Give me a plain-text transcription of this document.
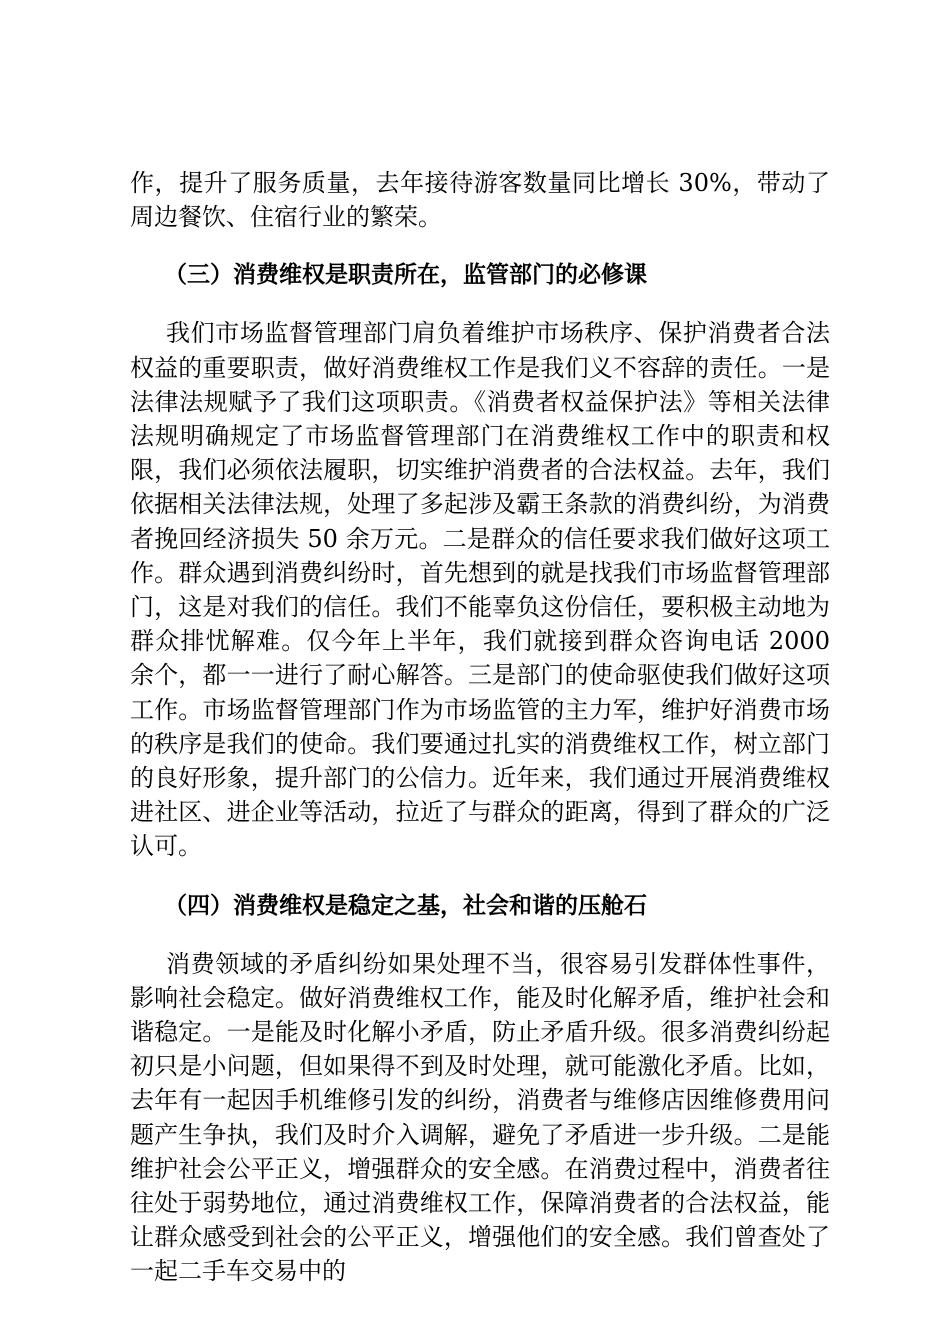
作，提升了服务质量，去年接待游客数量同比增长 30%，带动了周边餐饮、住宿行业的繁荣。

（三）消费维权是职责所在，监管部门的必修课

我们市场监督管理部门肩负着维护市场秩序、保护消费者合法权益的重要职责，做好消费维权工作是我们义不容辞的责任。一是法律法规赋予了我们这项职责。《消费者权益保护法》等相关法律法规明确规定了市场监督管理部门在消费维权工作中的职责和权限，我们必须依法履职，切实维护消费者的合法权益。去年，我们依据相关法律法规，处理了多起涉及霸王条款的消费纠纷，为消费者挽回经济损失 50 余万元。二是群众的信任要求我们做好这项工作。群众遇到消费纠纷时，首先想到的就是找我们市场监督管理部门，这是对我们的信任。我们不能辜负这份信任，要积极主动地为群众排忧解难。仅今年上半年，我们就接到群众咨询电话 2000 余个，都一一进行了耐心解答。三是部门的使命驱使我们做好这项工作。市场监督管理部门作为市场监管的主力军，维护好消费市场的秩序是我们的使命。我们要通过扎实的消费维权工作，树立部门的良好形象，提升部门的公信力。近年来，我们通过开展消费维权进社区、进企业等活动，拉近了与群众的距离，得到了群众的广泛认可。

（四）消费维权是稳定之基，社会和谐的压舱石

消费领域的矛盾纠纷如果处理不当，很容易引发群体性事件，影响社会稳定。做好消费维权工作，能及时化解矛盾，维护社会和谐稳定。一是能及时化解小矛盾，防止矛盾升级。很多消费纠纷起初只是小问题，但如果得不到及时处理，就可能激化矛盾。比如，去年有一起因手机维修引发的纠纷，消费者与维修店因维修费用问题产生争执，我们及时介入调解，避免了矛盾进一步升级。二是能维护社会公平正义，增强群众的安全感。在消费过程中，消费者往往处于弱势地位，通过消费维权工作，保障消费者的合法权益，能让群众感受到社会的公平正义，增强他们的安全感。我们曾查处了一起二手车交易中的
